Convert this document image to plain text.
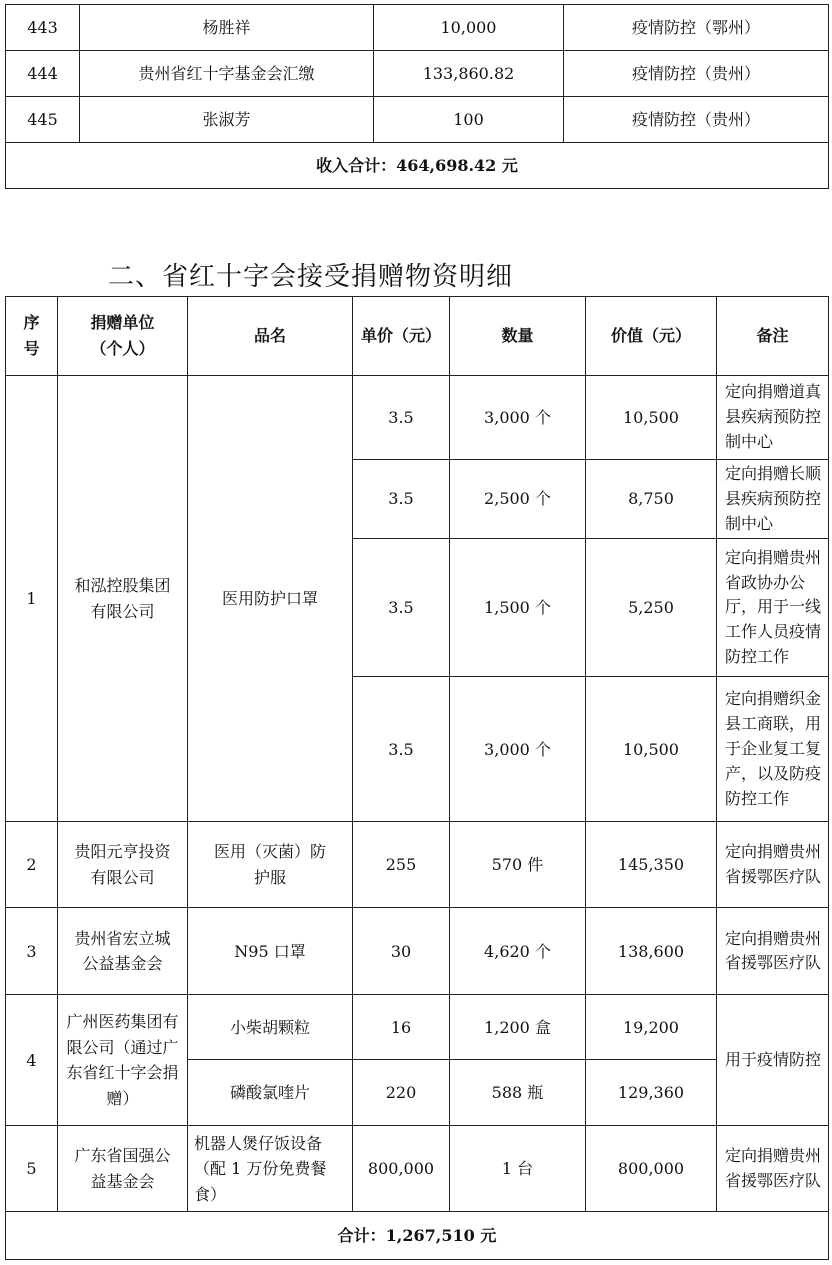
443	杨胜祥	10,000	疫情防控（鄂州）
444	贵州省红十字基金会汇缴	133,860.82	疫情防控（贵州）
445	张淑芳	100	疫情防控（贵州）
收入合计：464,698.42 元			
二、省红十字会接受捐赠物资明细
序号	捐赠单位（个人）	品名	单价（元）	数量	价值（元）	备注
1	和泓控股集团有限公司	医用防护口罩	3.5	3,000 个	10,500	定向捐赠道真县疾病预防控制中心
			3.5	2,500 个	8,750	定向捐赠长顺县疾病预防控制中心
			3.5	1,500 个	5,250	定向捐赠贵州省政协办公厅，用于一线工作人员疫情防控工作
			3.5	3,000 个	10,500	定向捐赠织金县工商联，用于企业复工复产，以及防疫防控工作
2	贵阳元亨投资有限公司	医用（灭菌）防护服	255	570 件	145,350	定向捐赠贵州省援鄂医疗队
3	贵州省宏立城公益基金会	N95 口罩	30	4,620 个	138,600	定向捐赠贵州省援鄂医疗队
4	广州医药集团有限公司（通过广东省红十字会捐赠）	小柴胡颗粒	16	1,200 盒	19,200	用于疫情防控
		磷酸氯喹片	220	588 瓶	129,360	
5	广东省国强公益基金会	机器人煲仔饭设备（配 1 万份免费餐食）	800,000	1 台	800,000	定向捐赠贵州省援鄂医疗队
合计：1,267,510 元						
